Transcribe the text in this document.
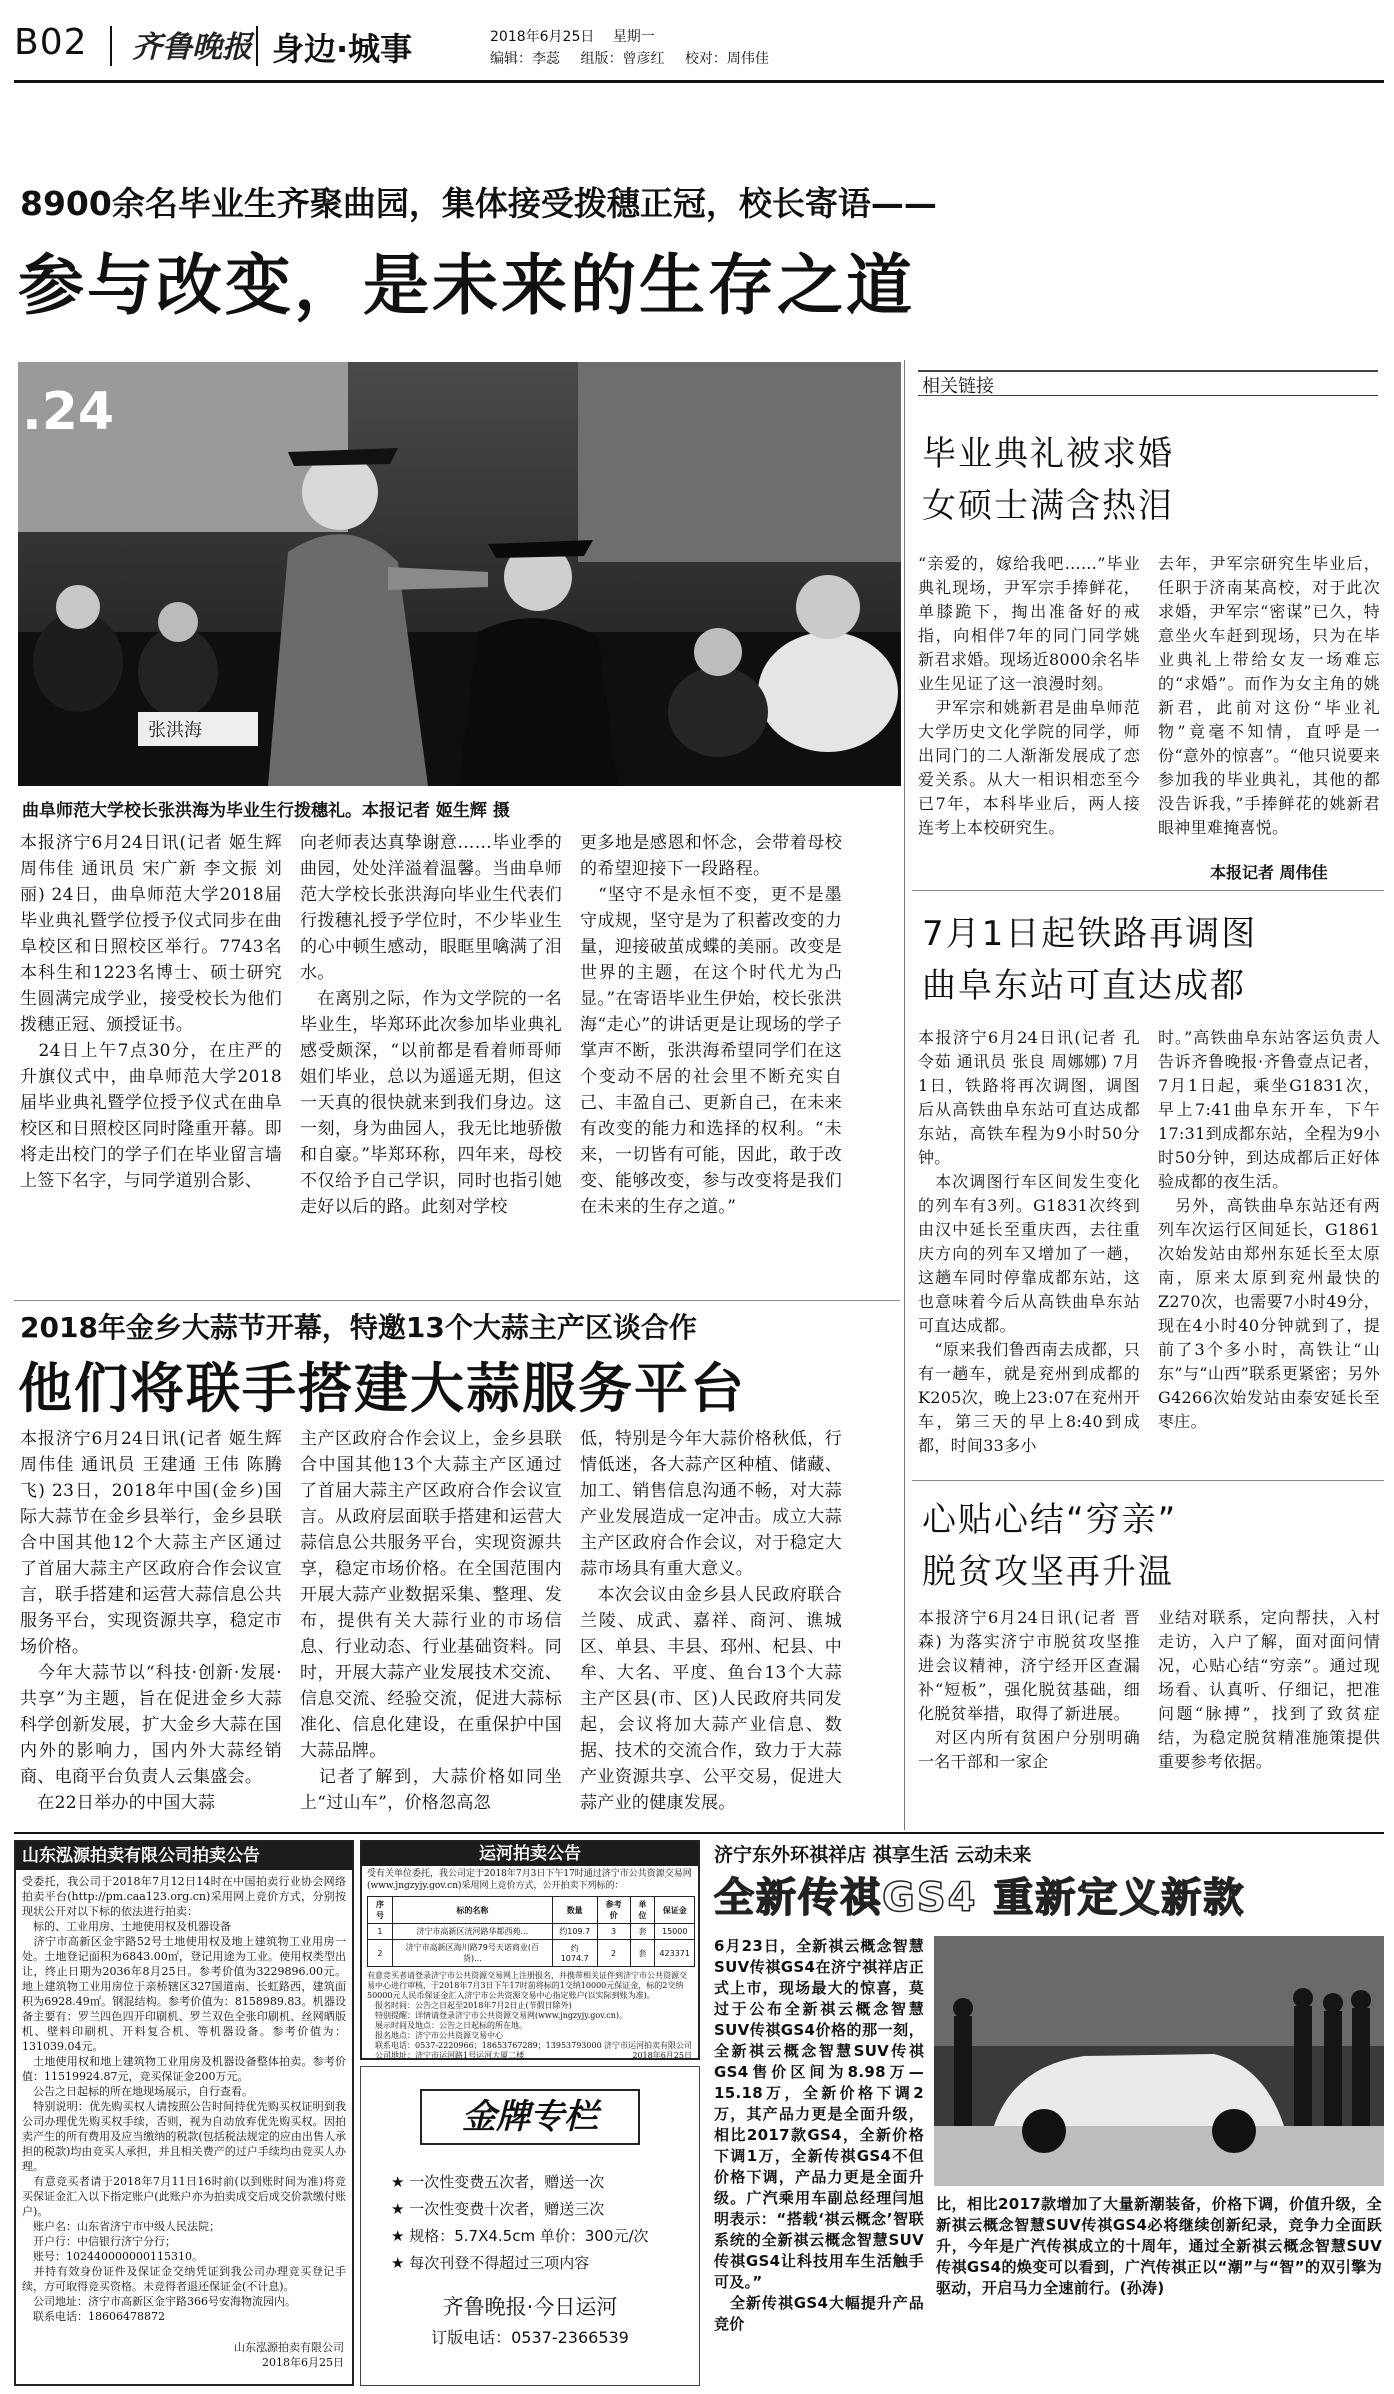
B02 齐鲁晚报 身边·城事	2018年6月25日 星期一
编辑：李蕊 组版：曾彦红 校对：周伟佳
8900余名毕业生齐聚曲园，集体接受拨穗正冠，校长寄语——
参与改变，是未来的生存之道
.24
张洪海
曲阜师范大学校长张洪海为毕业生行拨穗礼。本报记者 姬生辉 摄
本报济宁6月24日讯(记者 姬生辉 周伟佳 通讯员 宋广新 李文振 刘丽) 24日，曲阜师范大学2018届毕业典礼暨学位授予仪式同步在曲阜校区和日照校区举行。7743名本科生和1223名博士、硕士研究生圆满完成学业，接受校长为他们拨穗正冠、颁授证书。
　24日上午7点30分，在庄严的升旗仪式中，曲阜师范大学2018届毕业典礼暨学位授予仪式在曲阜校区和日照校区同时隆重开幕。即将走出校门的学子们在毕业留言墙上签下名字，与同学道别合影、
向老师表达真挚谢意……毕业季的曲园，处处洋溢着温馨。当曲阜师范大学校长张洪海向毕业生代表们行拨穗礼授予学位时，不少毕业生的心中顿生感动，眼眶里噙满了泪水。
　在离别之际，作为文学院的一名毕业生，毕郑环此次参加毕业典礼感受颇深，“以前都是看着师哥师姐们毕业，总以为遥遥无期，但这一天真的很快就来到我们身边。这一刻，身为曲园人，我无比地骄傲和自豪。”毕郑环称，四年来，母校不仅给予自己学识，同时也指引她走好以后的路。此刻对学校
更多地是感恩和怀念，会带着母校的希望迎接下一段路程。
　“坚守不是永恒不变，更不是墨守成规，坚守是为了积蓄改变的力量，迎接破茧成蝶的美丽。改变是世界的主题，在这个时代尤为凸显。”在寄语毕业生伊始，校长张洪海“走心”的讲话更是让现场的学子掌声不断，张洪海希望同学们在这个变动不居的社会里不断充实自己、丰盈自己、更新自己，在未来有改变的能力和选择的权利。“未来，一切皆有可能，因此，敢于改变、能够改变，参与改变将是我们在未来的生存之道。”
相关链接
毕业典礼被求婚
女硕士满含热泪
“亲爱的，嫁给我吧……”毕业典礼现场，尹军宗手捧鲜花，单膝跪下，掏出准备好的戒指，向相伴7年的同门同学姚新君求婚。现场近8000余名毕业生见证了这一浪漫时刻。
　尹军宗和姚新君是曲阜师范大学历史文化学院的同学，师出同门的二人渐渐发展成了恋爱关系。从大一相识相恋至今已7年，本科毕业后，两人接连考上本校研究生。
去年，尹军宗研究生毕业后，任职于济南某高校，对于此次求婚，尹军宗“密谋”已久，特意坐火车赶到现场，只为在毕业典礼上带给女友一场难忘的“求婚”。而作为女主角的姚新君，此前对这份“毕业礼物”竟毫不知情，直呼是一份“意外的惊喜”。“他只说要来参加我的毕业典礼，其他的都没告诉我，”手捧鲜花的姚新君眼神里难掩喜悦。
本报记者 周伟佳
7月1日起铁路再调图
曲阜东站可直达成都
本报济宁6月24日讯(记者 孔令茹 通讯员 张良 周娜娜) 7月1日，铁路将再次调图，调图后从高铁曲阜东站可直达成都东站，高铁车程为9小时50分钟。
　本次调图行车区间发生变化的列车有3列。G1831次终到由汉中延长至重庆西，去往重庆方向的列车又增加了一趟，这趟车同时停靠成都东站，这也意味着今后从高铁曲阜东站可直达成都。
　“原来我们鲁西南去成都，只有一趟车，就是兖州到成都的K205次，晚上23:07在兖州开车，第三天的早上8:40到成都，时间33多小
时。”高铁曲阜东站客运负责人告诉齐鲁晚报·齐鲁壹点记者，7月1日起，乘坐G1831次，早上7:41曲阜东开车，下午17:31到成都东站，全程为9小时50分钟，到达成都后正好体验成都的夜生活。
　另外，高铁曲阜东站还有两列车次运行区间延长，G1861次始发站由郑州东延长至太原南，原来太原到兖州最快的Z270次，也需要7小时49分，现在4小时40分钟就到了，提前了3个多小时，高铁让“山东”与“山西”联系更紧密；另外G4266次始发站由泰安延长至枣庄。
心贴心结“穷亲”
脱贫攻坚再升温
本报济宁6月24日讯(记者 晋森) 为落实济宁市脱贫攻坚推进会议精神，济宁经开区查漏补“短板”，强化脱贫基础，细化脱贫举措，取得了新进展。
　对区内所有贫困户分别明确一名干部和一家企
业结对联系，定向帮扶，入村走访，入户了解，面对面问情况，心贴心结“穷亲”。通过现场看、认真听、仔细记，把准问题“脉搏”，找到了致贫症结，为稳定脱贫精准施策提供重要参考依据。
2018年金乡大蒜节开幕，特邀13个大蒜主产区谈合作
他们将联手搭建大蒜服务平台
本报济宁6月24日讯(记者 姬生辉 周伟佳 通讯员 王建通 王伟 陈腾飞) 23日，2018年中国(金乡)国际大蒜节在金乡县举行，金乡县联合中国其他12个大蒜主产区通过了首届大蒜主产区政府合作会议宣言，联手搭建和运营大蒜信息公共服务平台，实现资源共享，稳定市场价格。
　今年大蒜节以“科技·创新·发展·共享”为主题，旨在促进金乡大蒜科学创新发展，扩大金乡大蒜在国内外的影响力，国内外大蒜经销商、电商平台负责人云集盛会。
　在22日举办的中国大蒜
主产区政府合作会议上，金乡县联合中国其他13个大蒜主产区通过了首届大蒜主产区政府合作会议宣言。从政府层面联手搭建和运营大蒜信息公共服务平台，实现资源共享，稳定市场价格。在全国范围内开展大蒜产业数据采集、整理、发布，提供有关大蒜行业的市场信息、行业动态、行业基础资料。同时，开展大蒜产业发展技术交流、信息交流、经验交流，促进大蒜标准化、信息化建设，在重保护中国大蒜品牌。
　记者了解到，大蒜价格如同坐上“过山车”，价格忽高忽
低，特别是今年大蒜价格秋低，行情低迷，各大蒜产区种植、储藏、加工、销售信息沟通不畅，对大蒜产业发展造成一定冲击。成立大蒜主产区政府合作会议，对于稳定大蒜市场具有重大意义。
　本次会议由金乡县人民政府联合兰陵、成武、嘉祥、商河、谯城区、单县、丰县、邳州、杞县、中牟、大名、平度、鱼台13个大蒜主产区县(市、区)人民政府共同发起，会议将加大蒜产业信息、数据、技术的交流合作，致力于大蒜产业资源共享、公平交易，促进大蒜产业的健康发展。
山东泓源拍卖有限公司拍卖公告
受委托，我公司于2018年7月12日14时在中国拍卖行业协会网络拍卖平台(http://pm.caa123.org.cn)采用网上竞价方式，分别按现状公开对以下标的依法进行拍卖：
　标的、工业用房、土地使用权及机器设备
　济宁市高新区金宇路52号土地使用权及地上建筑物工业用房一处。土地登记面积为6843.00㎡，登记用途为工业。使用权类型出让，终止日期为2036年8月25日。参考价值为3229896.00元。地上建筑物工业用房位于亲桥辖区327国道南、长虹路西，建筑面积为6928.49㎡。钢混结构。参考价值为：8158989.83。机器设备主要有：罗兰四色四开印刷机、罗兰双色全张印刷机、丝网晒版机、壁料印刷机、开料复合机、等机器设备。参考价值为：131039.04元。
　土地使用权和地上建筑物工业用房及机器设备整体拍卖。参考价值：11519924.87元，竞买保证金200万元。
　公告之日起标的所在地现场展示，自行查看。
　特别说明：优先购买权人请按照公告时间持优先购买权证明到我公司办理优先购买权手续，否则，视为自动放弃优先购买权。因拍卖产生的所有费用及应当缴纳的税款(包括税法规定的应由出售人承担的税款)均由竞买人承担，并且相关费产的过户手续均由竞买人办理。
　有意竞买者请于2018年7月11日16时前(以到账时间为准)将竞买保证金汇入以下指定账户(此账户亦为拍卖成交后成交价款缴付账户)。
　账户名：山东省济宁市中级人民法院；
　开户行：中信银行济宁分行；
　账号：102440000000115310。
　并持有效身份证件及保证金交纳凭证到我公司办理竞买登记手续，方可取得竞买资格。未竞得者退还保证金(不计息)。
　公司地址：济宁市高新区金宇路366号安海物流园内。
　联系电话：18606478872
山东泓源拍卖有限公司
2018年6月25日
运河拍卖公告
受有关单位委托，我公司定于2018年7月3日下午17时通过济宁市公共资源交易网(www.jngzyjy.gov.cn)采用网上竞价方式，公开拍卖下列标的：
序号	标的名称	数量	参考价	单位	保证金
1	济宁市高新区洸河路华都西苑...	约109.7	3	套	15000
2	济宁市高新区海川路79号天诺商业(百货)...	约1074.7	2	套	423371
有意竞买者请登录济宁市公共资源交易网上注册报名，并携带相关证件到济宁市公共资源交易中心进行审核，于2018年7月3日下午17时前将标的1交纳10000元保证金，标的2交纳50000元人民币保证金汇入济宁市公共资源交易中心指定账户(以实际到账为准)。
　报名时间：公告之日起至2018年7月2日止(节假日除外)
　特别提醒：详情请登录济宁市公共资源交易网(www.jngzyjy.gov.cn)。
　展示时间及地点：公告之日起标的所在地。
　报名地点：济宁市公共资源交易中心
　联系电话：0537-2220966；18653767289；13953793000
　公司地址：济宁市运河路1号运河大厦二楼
济宁市运河拍卖有限公司
2018年6月25日
金牌专栏
★ 一次性变费五次者，赠送一次
★ 一次性变费十次者，赠送三次
★ 规格：5.7X4.5cm 单价：300元/次
★ 每次刊登不得超过三项内容
齐鲁晚报·今日运河
订版电话：0537-2366539
济宁东外环祺祥店 祺享生活 云动未来
全新传祺GS4 重新定义新款
6月23日，全新祺云概念智慧SUV传祺GS4在济宁祺祥店正式上市，现场最大的惊喜，莫过于公布全新祺云概念智慧SUV传祺GS4价格的那一刻，全新祺云概念智慧SUV传祺GS4售价区间为8.98万—15.18万，全新价格下调2万，其产品力更是全面升级，相比2017款GS4，全新价格下调1万，全新传祺GS4不但价格下调，产品力更是全面升级。广汽乘用车副总经理闫旭明表示：“搭载‘祺云概念’智联系统的全新祺云概念智慧SUV传祺GS4让科技用车生活触手可及。”
　全新传祺GS4大幅提升产品竞价
比，相比2017款增加了大量新潮装备，价格下调，价值升级，全新祺云概念智慧SUV传祺GS4必将继续创新纪录，竞争力全面跃升，今年是广汽传祺成立的十周年，通过全新祺云概念智慧SUV传祺GS4的焕变可以看到，广汽传祺正以“潮”与“智”的双引擎为驱动，开启马力全速前行。(孙涛)
